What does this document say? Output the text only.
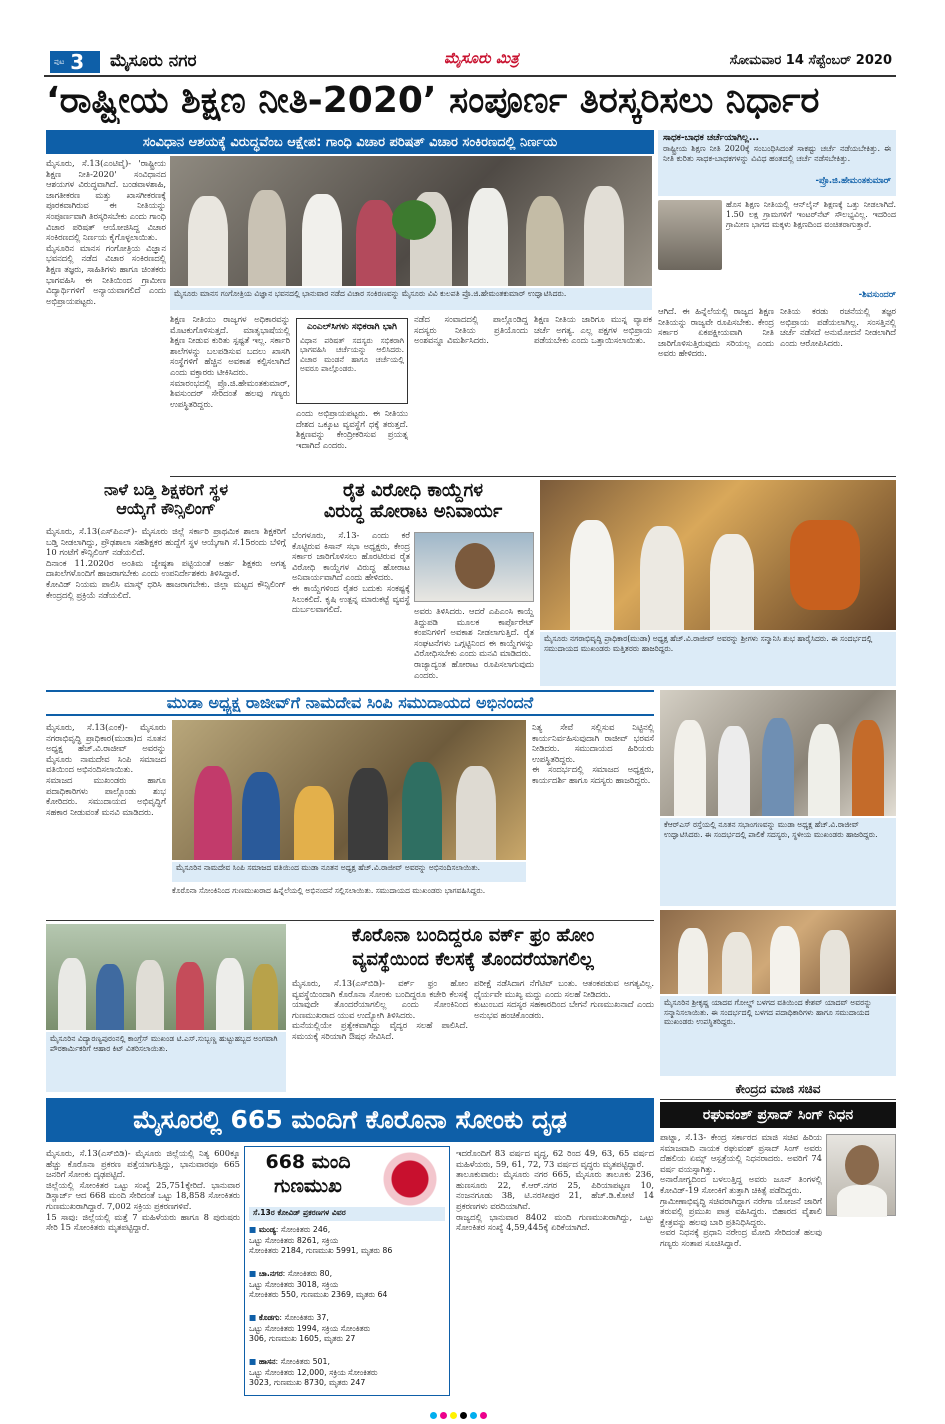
ಪುಟ 3 ಮೈಸೂರು ನಗರ	ಮೈಸೂರು ಮಿತ್ರ	ಸೋಮವಾರ 14 ಸೆಪ್ಟೆಂಬರ್ 2020
‘ರಾಷ್ಟ್ರೀಯ ಶಿಕ್ಷಣ ನೀತಿ-2020’ ಸಂಪೂರ್ಣ ತಿರಸ್ಕರಿಸಲು ನಿರ್ಧಾರ
ಸಂವಿಧಾನ ಆಶಯಕ್ಕೆ ವಿರುದ್ಧವೆಂಬ ಆಕ್ಷೇಪ: ಗಾಂಧಿ ವಿಚಾರ ಪರಿಷತ್ ವಿಚಾರ ಸಂಕಿರಣದಲ್ಲಿ ನಿರ್ಣಯ
ಮೈಸೂರು, ಸೆ.13(ಎಂಟಿವೈ)- 'ರಾಷ್ಟ್ರೀಯ ಶಿಕ್ಷಣ ನೀತಿ-2020' ಸಂವಿಧಾನದ ಆಶಯಗಳ ವಿರುದ್ಧವಾಗಿದೆ. ಬಂಡವಾಳಶಾಹಿ, ಜಾಗತೀಕರಣ ಮತ್ತು ಖಾಸಗೀಕರಣಕ್ಕೆ ಪೂರಕವಾಗಿರುವ ಈ ನೀತಿಯನ್ನು ಸಂಪೂರ್ಣವಾಗಿ ತಿರಸ್ಕರಿಸಬೇಕು ಎಂದು ಗಾಂಧಿ ವಿಚಾರ ಪರಿಷತ್ ಆಯೋಜಿಸಿದ್ದ ವಿಚಾರ ಸಂಕಿರಣದಲ್ಲಿ ನಿರ್ಣಯ ಕೈಗೊಳ್ಳಲಾಯಿತು.
ಮೈಸೂರಿನ ಮಾನಸ ಗಂಗೋತ್ರಿಯ ವಿಜ್ಞಾನ ಭವನದಲ್ಲಿ ನಡೆದ ವಿಚಾರ ಸಂಕಿರಣದಲ್ಲಿ ಶಿಕ್ಷಣ ತಜ್ಞರು, ಸಾಹಿತಿಗಳು ಹಾಗೂ ಚಿಂತಕರು ಭಾಗವಹಿಸಿ ಈ ನೀತಿಯಿಂದ ಗ್ರಾಮೀಣ ವಿದ್ಯಾರ್ಥಿಗಳಿಗೆ ಅನ್ಯಾಯವಾಗಲಿದೆ ಎಂದು ಅಭಿಪ್ರಾಯಪಟ್ಟರು.
ಮೈಸೂರು ಮಾನಸ ಗಂಗೋತ್ರಿಯ ವಿಜ್ಞಾನ ಭವನದಲ್ಲಿ ಭಾನುವಾರ ನಡೆದ ವಿಚಾರ ಸಂಕಿರಣವನ್ನು ಮೈಸೂರು ವಿವಿ ಕುಲಪತಿ ಪ್ರೊ.ಜಿ.ಹೇಮಂತಕುಮಾರ್ ಉದ್ಘಾಟಿಸಿದರು.
ಶಿಕ್ಷಣ ನೀತಿಯು ರಾಜ್ಯಗಳ ಅಧಿಕಾರವನ್ನು ಮೊಟಕುಗೊಳಿಸುತ್ತದೆ. ಮಾತೃಭಾಷೆಯಲ್ಲಿ ಶಿಕ್ಷಣ ನೀಡುವ ಕುರಿತು ಸ್ಪಷ್ಟತೆ ಇಲ್ಲ. ಸರ್ಕಾರಿ ಶಾಲೆಗಳನ್ನು ಬಲಪಡಿಸುವ ಬದಲು ಖಾಸಗಿ ಸಂಸ್ಥೆಗಳಿಗೆ ಹೆಚ್ಚಿನ ಅವಕಾಶ ಕಲ್ಪಿಸಲಾಗಿದೆ ಎಂದು ವಕ್ತಾರರು ಟೀಕಿಸಿದರು.
ಸಮಾರಂಭದಲ್ಲಿ ಪ್ರೊ.ಜಿ.ಹೇಮಂತಕುಮಾರ್, ಶಿವಸುಂದರ್ ಸೇರಿದಂತೆ ಹಲವು ಗಣ್ಯರು ಉಪಸ್ಥಿತರಿದ್ದರು.
ಎಂಎಲ್‌ಸಿಗಳು ಸಭಿಕರಾಗಿ ಭಾಗಿ
ವಿಧಾನ ಪರಿಷತ್ ಸದಸ್ಯರು ಸಭಿಕರಾಗಿ ಭಾಗವಹಿಸಿ ಚರ್ಚೆಯನ್ನು ಆಲಿಸಿದರು. ವಿಚಾರ ಮಂಡನೆ ಹಾಗೂ ಚರ್ಚೆಯಲ್ಲಿ ಅವರೂ ಪಾಲ್ಗೊಂಡರು.
ಎಂದು ಅಭಿಪ್ರಾಯಪಟ್ಟರು. ಈ ನೀತಿಯು ದೇಶದ ಒಕ್ಕೂಟ ವ್ಯವಸ್ಥೆಗೆ ಧಕ್ಕೆ ತರುತ್ತದೆ. ಶಿಕ್ಷಣವನ್ನು ಕೇಂದ್ರೀಕರಿಸುವ ಪ್ರಯತ್ನ ಇದಾಗಿದೆ ಎಂದರು.
ನಡೆದ ಸಂವಾದದಲ್ಲಿ ಪಾಲ್ಗೊಂಡಿದ್ದ ಸದಸ್ಯರು ನೀತಿಯ ಪ್ರತಿಯೊಂದು ಅಂಶವನ್ನೂ ವಿಮರ್ಶಿಸಿದರು.
ಶಿಕ್ಷಣ ನೀತಿಯ ಜಾರಿಗೂ ಮುನ್ನ ವ್ಯಾಪಕ ಚರ್ಚೆ ಅಗತ್ಯ. ಎಲ್ಲ ಪಕ್ಷಗಳ ಅಭಿಪ್ರಾಯ ಪಡೆಯಬೇಕು ಎಂದು ಒತ್ತಾಯಿಸಲಾಯಿತು.
ಸಾಧಕ-ಬಾಧಕ ಚರ್ಚೆಯಾಗಿಲ್ಲ...
ರಾಷ್ಟ್ರೀಯ ಶಿಕ್ಷಣ ನೀತಿ 2020ಕ್ಕೆ ಸಂಬಂಧಿಸಿದಂತೆ ಸಾಕಷ್ಟು ಚರ್ಚೆ ನಡೆಯಬೇಕಿತ್ತು. ಈ ನೀತಿ ಕುರಿತು ಸಾಧಕ-ಬಾಧಕಗಳನ್ನು ವಿವಿಧ ಹಂತದಲ್ಲಿ ಚರ್ಚೆ ನಡೆಸಬೇಕಿತ್ತು.
-ಪ್ರೊ.ಜಿ.ಹೇಮಂತಕುಮಾರ್
ಹೊಸ ಶಿಕ್ಷಣ ನೀತಿಯಲ್ಲಿ ಆನ್‌ಲೈನ್ ಶಿಕ್ಷಣಕ್ಕೆ ಒತ್ತು ನೀಡಲಾಗಿದೆ. 1.50 ಲಕ್ಷ ಗ್ರಾಮಗಳಿಗೆ ಇಂಟರ್‌ನೆಟ್ ಸೌಲಭ್ಯವಿಲ್ಲ. ಇದರಿಂದ ಗ್ರಾಮೀಣ ಭಾಗದ ಮಕ್ಕಳು ಶಿಕ್ಷಣದಿಂದ ವಂಚಿತರಾಗುತ್ತಾರೆ.
-ಶಿವಸುಂದರ್
ಆಗಿದೆ. ಈ ಹಿನ್ನೆಲೆಯಲ್ಲಿ ರಾಜ್ಯದ ಶಿಕ್ಷಣ ನೀತಿಯನ್ನು ರಾಜ್ಯವೇ ರೂಪಿಸಬೇಕು. ಕೇಂದ್ರ ಸರ್ಕಾರ ಏಕಪಕ್ಷೀಯವಾಗಿ ನೀತಿ ಜಾರಿಗೊಳಿಸುತ್ತಿರುವುದು ಸರಿಯಲ್ಲ ಎಂದು ಅವರು ಹೇಳಿದರು.
ನೀತಿಯ ಕರಡು ರಚನೆಯಲ್ಲಿ ತಜ್ಞರ ಅಭಿಪ್ರಾಯ ಪಡೆಯಲಾಗಿಲ್ಲ. ಸಂಸತ್ತಿನಲ್ಲಿ ಚರ್ಚೆ ನಡೆಸದೆ ಅನುಮೋದನೆ ನೀಡಲಾಗಿದೆ ಎಂದು ಆರೋಪಿಸಿದರು.
ನಾಳೆ ಬಡ್ತಿ ಶಿಕ್ಷಕರಿಗೆ ಸ್ಥಳ
ಆಯ್ಕೆಗೆ ಕೌನ್ಸಿಲಿಂಗ್
ಮೈಸೂರು, ಸೆ.13(ಎಸ್‌ಪಿಎನ್)- ಮೈಸೂರು ಜಿಲ್ಲೆ ಸರ್ಕಾರಿ ಪ್ರಾಥಮಿಕ ಶಾಲಾ ಶಿಕ್ಷಕರಿಗೆ ಬಡ್ತಿ ನೀಡಲಾಗಿದ್ದು, ಪ್ರೌಢಶಾಲಾ ಸಹಶಿಕ್ಷಕರ ಹುದ್ದೆಗೆ ಸ್ಥಳ ಆಯ್ಕೆಗಾಗಿ ಸೆ.15ರಂದು ಬೆಳಿಗ್ಗೆ 10 ಗಂಟೆಗೆ ಕೌನ್ಸಿಲಿಂಗ್ ನಡೆಯಲಿದೆ.
ದಿನಾಂಕ 11.2020ರ ಅಂತಿಮ ಜ್ಯೇಷ್ಠತಾ ಪಟ್ಟಿಯಂತೆ ಅರ್ಹ ಶಿಕ್ಷಕರು ಅಗತ್ಯ ದಾಖಲೆಗಳೊಂದಿಗೆ ಹಾಜರಾಗಬೇಕು ಎಂದು ಉಪನಿರ್ದೇಶಕರು ತಿಳಿಸಿದ್ದಾರೆ.
ಕೋವಿಡ್ ನಿಯಮ ಪಾಲಿಸಿ ಮಾಸ್ಕ್ ಧರಿಸಿ ಹಾಜರಾಗಬೇಕು. ಜಿಲ್ಲಾ ಮಟ್ಟದ ಕೌನ್ಸಿಲಿಂಗ್ ಕೇಂದ್ರದಲ್ಲಿ ಪ್ರಕ್ರಿಯೆ ನಡೆಯಲಿದೆ.
ರೈತ ವಿರೋಧಿ ಕಾಯ್ದೆಗಳ
ವಿರುದ್ಧ ಹೋರಾಟ ಅನಿವಾರ್ಯ
ಬೆಂಗಳೂರು, ಸೆ.13- ಎಂದು ಕರೆ ಕೊಟ್ಟಿರುವ ಕಿಸಾನ್ ಸಭಾ ಅಧ್ಯಕ್ಷರು, ಕೇಂದ್ರ ಸರ್ಕಾರ ಜಾರಿಗೊಳಿಸಲು ಹೊರಟಿರುವ ರೈತ ವಿರೋಧಿ ಕಾಯ್ದೆಗಳ ವಿರುದ್ಧ ಹೋರಾಟ ಅನಿವಾರ್ಯವಾಗಿದೆ ಎಂದು ಹೇಳಿದರು.
ಈ ಕಾಯ್ದೆಗಳಿಂದ ರೈತರ ಬದುಕು ಸಂಕಷ್ಟಕ್ಕೆ ಸಿಲುಕಲಿದೆ. ಕೃಷಿ ಉತ್ಪನ್ನ ಮಾರುಕಟ್ಟೆ ವ್ಯವಸ್ಥೆ ದುರ್ಬಲವಾಗಲಿದೆ.	ಅವರು ತಿಳಿಸಿದರು. ಆದರೆ ಎಪಿಎಂಸಿ ಕಾಯ್ದೆ ತಿದ್ದುಪಡಿ ಮೂಲಕ ಕಾರ್ಪೊರೇಟ್ ಕಂಪನಿಗಳಿಗೆ ಅವಕಾಶ ನೀಡಲಾಗುತ್ತಿದೆ. ರೈತ ಸಂಘಟನೆಗಳು ಒಗ್ಗಟ್ಟಿನಿಂದ ಈ ಕಾಯ್ದೆಗಳನ್ನು ವಿರೋಧಿಸಬೇಕು ಎಂದು ಮನವಿ ಮಾಡಿದರು.
ರಾಜ್ಯಾದ್ಯಂತ ಹೋರಾಟ ರೂಪಿಸಲಾಗುವುದು ಎಂದರು.
ಮೈಸೂರು ನಗರಾಭಿವೃದ್ಧಿ ಪ್ರಾಧಿಕಾರ(ಮುಡಾ) ಅಧ್ಯಕ್ಷ ಹೆಚ್.ವಿ.ರಾಜೀವ್ ಅವರನ್ನು ಶ್ರೀಗಳು ಸನ್ಮಾನಿಸಿ ಶುಭ ಹಾರೈಸಿದರು. ಈ ಸಂದರ್ಭದಲ್ಲಿ ಸಮುದಾಯದ ಮುಖಂಡರು ಮತ್ತಿತರರು ಹಾಜರಿದ್ದರು.
ಮುಡಾ ಅಧ್ಯಕ್ಷ ರಾಜೀವ್‌ಗೆ ನಾಮದೇವ ಸಿಂಪಿ ಸಮುದಾಯದ ಅಭಿನಂದನೆ
ಮೈಸೂರು, ಸೆ.13(ಎಂಕೆ)- ಮೈಸೂರು ನಗರಾಭಿವೃದ್ಧಿ ಪ್ರಾಧಿಕಾರ(ಮುಡಾ)ದ ನೂತನ ಅಧ್ಯಕ್ಷ ಹೆಚ್.ವಿ.ರಾಜೀವ್ ಅವರನ್ನು ಮೈಸೂರು ನಾಮದೇವ ಸಿಂಪಿ ಸಮಾಜದ ವತಿಯಿಂದ ಅಭಿನಂದಿಸಲಾಯಿತು.
ಸಮಾಜದ ಮುಖಂಡರು ಹಾಗೂ ಪದಾಧಿಕಾರಿಗಳು ಪಾಲ್ಗೊಂಡು ಶುಭ ಕೋರಿದರು. ಸಮುದಾಯದ ಅಭಿವೃದ್ಧಿಗೆ ಸಹಕಾರ ನೀಡುವಂತೆ ಮನವಿ ಮಾಡಿದರು.
ಮೈಸೂರಿನ ನಾಮದೇವ ಸಿಂಪಿ ಸಮಾಜದ ವತಿಯಿಂದ ಮುಡಾ ನೂತನ ಅಧ್ಯಕ್ಷ ಹೆಚ್.ವಿ.ರಾಜೀವ್ ಅವರನ್ನು ಅಭಿನಂದಿಸಲಾಯಿತು.
ನಿತ್ಯ ಸೇವೆ ಸಲ್ಲಿಸುವ ನಿಟ್ಟಿನಲ್ಲಿ ಕಾರ್ಯನಿರ್ವಹಿಸುವುದಾಗಿ ರಾಜೀವ್ ಭರವಸೆ ನೀಡಿದರು. ಸಮುದಾಯದ ಹಿರಿಯರು ಉಪಸ್ಥಿತರಿದ್ದರು.
ಈ ಸಂದರ್ಭದಲ್ಲಿ ಸಮಾಜದ ಅಧ್ಯಕ್ಷರು, ಕಾರ್ಯದರ್ಶಿ ಹಾಗೂ ಸದಸ್ಯರು ಹಾಜರಿದ್ದರು.
ಕೊರೊನಾ ಸೋಂಕಿನಿಂದ ಗುಣಮುಖರಾದ ಹಿನ್ನೆಲೆಯಲ್ಲಿ ಅಭಿನಂದನೆ ಸಲ್ಲಿಸಲಾಯಿತು. ಸಮುದಾಯದ ಮುಖಂಡರು ಭಾಗವಹಿಸಿದ್ದರು.
ಕೆಆರ್‌ಎಸ್ ರಸ್ತೆಯಲ್ಲಿ ನೂತನ ಸಭಾಂಗಣವನ್ನು ಮುಡಾ ಅಧ್ಯಕ್ಷ ಹೆಚ್.ವಿ.ರಾಜೀವ್ ಉದ್ಘಾಟಿಸಿದರು. ಈ ಸಂದರ್ಭದಲ್ಲಿ ಪಾಲಿಕೆ ಸದಸ್ಯರು, ಸ್ಥಳೀಯ ಮುಖಂಡರು ಹಾಜರಿದ್ದರು.
ಮೈಸೂರಿನ ವಿದ್ಯಾರಣ್ಯಪುರಂನಲ್ಲಿ ಕಾಂಗ್ರೆಸ್ ಮುಖಂಡ ಟಿ.ಎಸ್.ಸುಬ್ಬಣ್ಣ ಹುಟ್ಟುಹಬ್ಬದ ಅಂಗವಾಗಿ ಪೌರಕಾರ್ಮಿಕರಿಗೆ ಆಹಾರ ಕಿಟ್ ವಿತರಿಸಲಾಯಿತು.
ಕೊರೊನಾ ಬಂದಿದ್ದರೂ ವರ್ಕ್ ಫ್ರಂ ಹೋಂ
ವ್ಯವಸ್ಥೆಯಿಂದ ಕೆಲಸಕ್ಕೆ ತೊಂದರೆಯಾಗಲಿಲ್ಲ
ಮೈಸೂರು, ಸೆ.13(ಎಸ್‌ಬಿಡಿ)- ವರ್ಕ್ ಫ್ರಂ ಹೋಂ ವ್ಯವಸ್ಥೆಯಿಂದಾಗಿ ಕೊರೊನಾ ಸೋಂಕು ಬಂದಿದ್ದರೂ ಕಚೇರಿ ಕೆಲಸಕ್ಕೆ ಯಾವುದೇ ತೊಂದರೆಯಾಗಲಿಲ್ಲ ಎಂದು ಸೋಂಕಿನಿಂದ ಗುಣಮುಖರಾದ ಯುವ ಉದ್ಯೋಗಿ ತಿಳಿಸಿದರು.
ಮನೆಯಲ್ಲಿಯೇ ಪ್ರತ್ಯೇಕವಾಗಿದ್ದು ವೈದ್ಯರ ಸಲಹೆ ಪಾಲಿಸಿದೆ. ಸಮಯಕ್ಕೆ ಸರಿಯಾಗಿ ಔಷಧ ಸೇವಿಸಿದೆ.
ಪರೀಕ್ಷೆ ನಡೆಸಿದಾಗ ನೆಗೆಟಿವ್ ಬಂತು. ಆತಂಕಪಡುವ ಅಗತ್ಯವಿಲ್ಲ. ಧೈರ್ಯವೇ ಮುಖ್ಯ ಮದ್ದು ಎಂದು ಸಲಹೆ ನೀಡಿದರು.
ಕುಟುಂಬದ ಸದಸ್ಯರ ಸಹಕಾರದಿಂದ ಬೇಗನೆ ಗುಣಮುಖನಾದೆ ಎಂದು ಅನುಭವ ಹಂಚಿಕೊಂಡರು.
ಮೈಸೂರಿನ ಶ್ರೀಕೃಷ್ಣ ಯಾದವ ಗೋಲ್ಡ್ ಬಳಗದ ವತಿಯಿಂದ ಕೇಶವ್ ಯಾದವ್ ಅವರನ್ನು ಸನ್ಮಾನಿಸಲಾಯಿತು. ಈ ಸಂದರ್ಭದಲ್ಲಿ ಬಳಗದ ಪದಾಧಿಕಾರಿಗಳು ಹಾಗೂ ಸಮುದಾಯದ ಮುಖಂಡರು ಉಪಸ್ಥಿತರಿದ್ದರು.
ಕೇಂದ್ರದ ಮಾಜಿ ಸಚಿವ
ರಘುವಂಶ್ ಪ್ರಸಾದ್ ಸಿಂಗ್ ನಿಧನ
ಪಾಟ್ನಾ, ಸೆ.13- ಕೇಂದ್ರ ಸರ್ಕಾರದ ಮಾಜಿ ಸಚಿವ ಹಿರಿಯ ಸಮಾಜವಾದಿ ನಾಯಕ ರಘುವಂಶ್ ಪ್ರಸಾದ್ ಸಿಂಗ್ ಅವರು ದೆಹಲಿಯ ಏಮ್ಸ್ ಆಸ್ಪತ್ರೆಯಲ್ಲಿ ನಿಧನರಾದರು. ಅವರಿಗೆ 74 ವರ್ಷ ವಯಸ್ಸಾಗಿತ್ತು.
ಅನಾರೋಗ್ಯದಿಂದ ಬಳಲುತ್ತಿದ್ದ ಅವರು ಜೂನ್ ತಿಂಗಳಲ್ಲಿ ಕೋವಿಡ್-19 ಸೋಂಕಿಗೆ ತುತ್ತಾಗಿ ಚಿಕಿತ್ಸೆ ಪಡೆದಿದ್ದರು.
ಗ್ರಾಮೀಣಾಭಿವೃದ್ಧಿ ಸಚಿವರಾಗಿದ್ದಾಗ ನರೇಗಾ ಯೋಜನೆ ಜಾರಿಗೆ ತರುವಲ್ಲಿ ಪ್ರಮುಖ ಪಾತ್ರ ವಹಿಸಿದ್ದರು. ಬಿಹಾರದ ವೈಶಾಲಿ ಕ್ಷೇತ್ರವನ್ನು ಹಲವು ಬಾರಿ ಪ್ರತಿನಿಧಿಸಿದ್ದರು.
ಅವರ ನಿಧನಕ್ಕೆ ಪ್ರಧಾನಿ ನರೇಂದ್ರ ಮೋದಿ ಸೇರಿದಂತೆ ಹಲವು ಗಣ್ಯರು ಸಂತಾಪ ಸೂಚಿಸಿದ್ದಾರೆ.
ಮೈಸೂರಲ್ಲಿ 665 ಮಂದಿಗೆ ಕೊರೊನಾ ಸೋಂಕು ದೃಢ
ಮೈಸೂರು, ಸೆ.13(ಎಸ್‌ಬಿಡಿ)- ಮೈಸೂರು ಜಿಲ್ಲೆಯಲ್ಲಿ ನಿತ್ಯ 600ಕ್ಕೂ ಹೆಚ್ಚು ಕೊರೊನಾ ಪ್ರಕರಣ ಪತ್ತೆಯಾಗುತ್ತಿದ್ದು, ಭಾನುವಾರವೂ 665 ಜನರಿಗೆ ಸೋಂಕು ದೃಢಪಟ್ಟಿದೆ.
ಜಿಲ್ಲೆಯಲ್ಲಿ ಸೋಂಕಿತರ ಒಟ್ಟು ಸಂಖ್ಯೆ 25,751ಕ್ಕೇರಿದೆ. ಭಾನುವಾರ ಡಿಸ್ಚಾರ್ಜ್ ಆದ 668 ಮಂದಿ ಸೇರಿದಂತೆ ಒಟ್ಟು 18,858 ಸೋಂಕಿತರು ಗುಣಮುಖರಾಗಿದ್ದಾರೆ. 7,002 ಸಕ್ರಿಯ ಪ್ರಕರಣಗಳಿವೆ.
15 ಸಾವು: ಜಿಲ್ಲೆಯಲ್ಲಿ ಮತ್ತೆ 7 ಮಹಿಳೆಯರು ಹಾಗೂ 8 ಪುರುಷರು ಸೇರಿ 15 ಸೋಂಕಿತರು ಮೃತಪಟ್ಟಿದ್ದಾರೆ.
668 ಮಂದಿ
ಗುಣಮುಖ
ಸೆ.13ರ ಕೋವಿಡ್ ಪ್ರಕರಣಗಳ ವಿವರ
■ ಮಂಡ್ಯ: ಸೋಂಕಿತರು 246,
ಒಟ್ಟು ಸೋಂಕಿತರು 8261, ಸಕ್ರಿಯ
ಸೋಂಕಿತರು 2184, ಗುಣಮುಖ 5991, ಮೃತರು 86
■ ಚಾ.ನಗರ: ಸೋಂಕಿತರು 80,
ಒಟ್ಟು ಸೋಂಕಿತರು 3018, ಸಕ್ರಿಯ
ಸೋಂಕಿತರು 550, ಗುಣಮುಖ 2369, ಮೃತರು 64
■ ಕೊಡಗು: ಸೋಂಕಿತರು 37,
ಒಟ್ಟು ಸೋಂಕಿತರು 1994, ಸಕ್ರಿಯ ಸೋಂಕಿತರು
306, ಗುಣಮುಖ 1605, ಮೃತರು 27
■ ಹಾಸನ: ಸೋಂಕಿತರು 501,
ಒಟ್ಟು ಸೋಂಕಿತರು 12,000, ಸಕ್ರಿಯ ಸೋಂಕಿತರು
3023, ಗುಣಮುಖ 8730, ಮೃತರು 247
ಇದರೊಂದಿಗೆ 83 ವರ್ಷದ ವೃದ್ಧ, 62 ರಿಂದ 49, 63, 65 ವರ್ಷದ ಮಹಿಳೆಯರು, 59, 61, 72, 73 ವರ್ಷದ ವೃದ್ಧರು ಮೃತಪಟ್ಟಿದ್ದಾರೆ.
ತಾಲೂಕುವಾರು: ಮೈಸೂರು ನಗರ 665, ಮೈಸೂರು ತಾಲೂಕು 236, ಹುಣಸೂರು 22, ಕೆ.ಆರ್.ನಗರ 25, ಪಿರಿಯಾಪಟ್ಟಣ 10, ನಂಜನಗೂಡು 38, ಟಿ.ನರಸೀಪುರ 21, ಹೆಚ್.ಡಿ.ಕೋಟೆ 14 ಪ್ರಕರಣಗಳು ವರದಿಯಾಗಿವೆ.
ರಾಜ್ಯದಲ್ಲಿ ಭಾನುವಾರ 8402 ಮಂದಿ ಗುಣಮುಖರಾಗಿದ್ದು, ಒಟ್ಟು ಸೋಂಕಿತರ ಸಂಖ್ಯೆ 4,59,445ಕ್ಕೆ ಏರಿಕೆಯಾಗಿದೆ.
